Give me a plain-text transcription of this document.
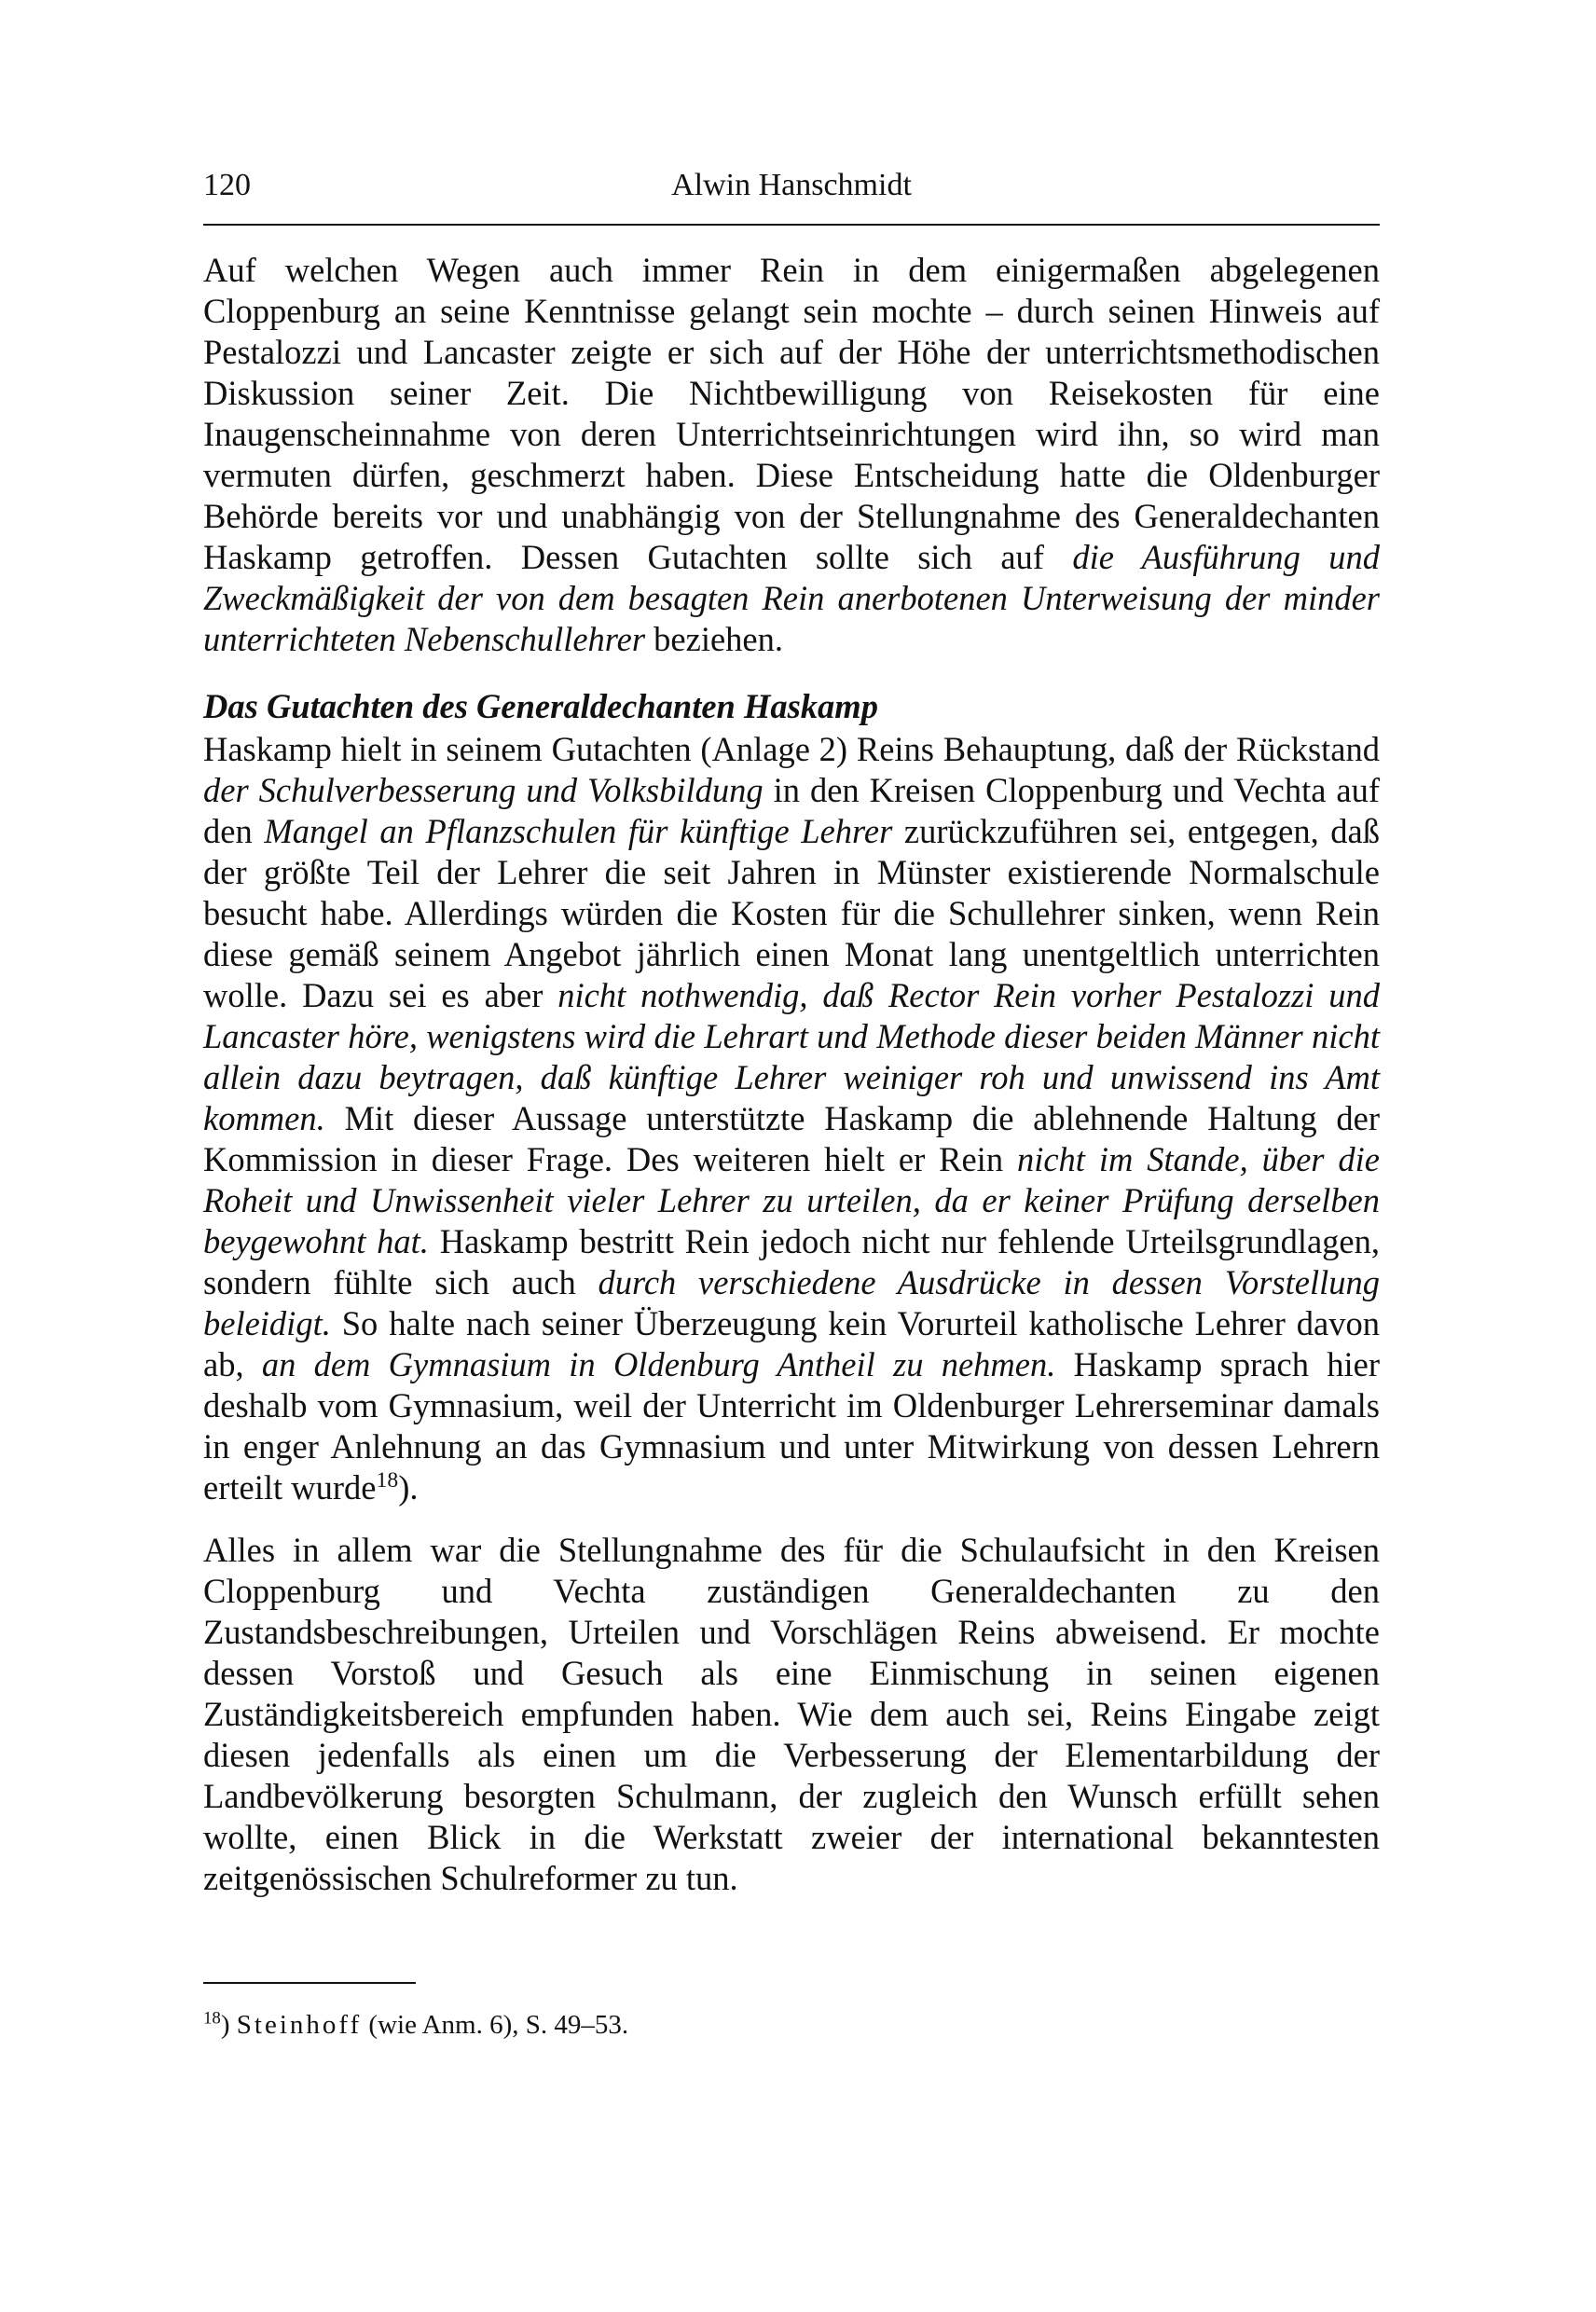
120	Alwin Hanschmidt

Auf welchen Wegen auch immer Rein in dem einigermaßen abgelegenen Cloppenburg an seine Kenntnisse gelangt sein mochte – durch seinen Hinweis auf Pestalozzi und Lancaster zeigte er sich auf der Höhe der unterrichtsmethodischen Diskussion seiner Zeit. Die Nichtbewilligung von Reisekosten für eine Inaugenscheinnahme von deren Unterrichtseinrichtungen wird ihn, so wird man vermuten dürfen, geschmerzt haben. Diese Entscheidung hatte die Oldenburger Behörde bereits vor und unabhängig von der Stellungnahme des Generaldechanten Haskamp getroffen. Dessen Gutachten sollte sich auf die Ausführung und Zweckmäßigkeit der von dem besagten Rein anerbotenen Unterweisung der minder unterrichteten Nebenschullehrer beziehen.

Das Gutachten des Generaldechanten Haskamp

Haskamp hielt in seinem Gutachten (Anlage 2) Reins Behauptung, daß der Rückstand der Schulverbesserung und Volksbildung in den Kreisen Cloppenburg und Vechta auf den Mangel an Pflanzschulen für künftige Lehrer zurückzuführen sei, entgegen, daß der größte Teil der Lehrer die seit Jahren in Münster existierende Normalschule besucht habe. Allerdings würden die Kosten für die Schullehrer sinken, wenn Rein diese gemäß seinem Angebot jährlich einen Monat lang unentgeltlich unterrichten wolle. Dazu sei es aber nicht nothwendig, daß Rector Rein vorher Pestalozzi und Lancaster höre, wenigstens wird die Lehrart und Methode dieser beiden Männer nicht allein dazu beytragen, daß künftige Lehrer weiniger roh und unwissend ins Amt kommen. Mit dieser Aussage unterstützte Haskamp die ablehnende Haltung der Kommission in dieser Frage. Des weiteren hielt er Rein nicht im Stande, über die Roheit und Unwissenheit vieler Lehrer zu urteilen, da er keiner Prüfung derselben beygewohnt hat. Haskamp bestritt Rein jedoch nicht nur fehlende Urteilsgrundlagen, sondern fühlte sich auch durch verschiedene Ausdrücke in dessen Vorstellung beleidigt. So halte nach seiner Überzeugung kein Vorurteil katholische Lehrer davon ab, an dem Gymnasium in Oldenburg Antheil zu nehmen. Haskamp sprach hier deshalb vom Gymnasium, weil der Unterricht im Oldenburger Lehrerseminar damals in enger Anlehnung an das Gymnasium und unter Mitwirkung von dessen Lehrern erteilt wurde$^{18}$).

Alles in allem war die Stellungnahme des für die Schulaufsicht in den Kreisen Cloppenburg und Vechta zuständigen Generaldechanten zu den Zustandsbeschreibungen, Urteilen und Vorschlägen Reins abweisend. Er mochte dessen Vorstoß und Gesuch als eine Einmischung in seinen eigenen Zuständigkeitsbereich empfunden haben. Wie dem auch sei, Reins Eingabe zeigt diesen jedenfalls als einen um die Verbesserung der Elementarbildung der Landbevölkerung besorgten Schulmann, der zugleich den Wunsch erfüllt sehen wollte, einen Blick in die Werkstatt zweier der international bekanntesten zeitgenössischen Schulreformer zu tun.

$^{18}$) Steinhoff (wie Anm. 6), S. 49–53.
